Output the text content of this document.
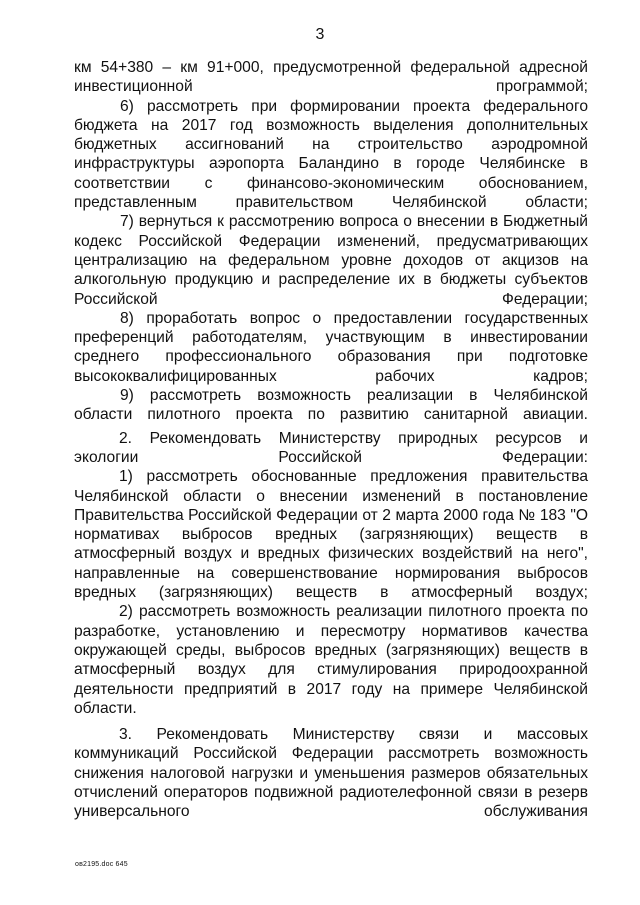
3

км 54+380 – км 91+000, предусмотренной федеральной адресной инвестиционной программой;

6) рассмотреть при формировании проекта федерального бюджета на 2017 год возможность выделения дополнительных бюджетных ассигнований на строительство аэродромной инфраструктуры аэропорта Баландино в городе Челябинске в соответствии с финансово-экономическим обоснованием, представленным правительством Челябинской области;

7) вернуться к рассмотрению вопроса о внесении в Бюджетный кодекс Российской Федерации изменений, предусматривающих централизацию на федеральном уровне доходов от акцизов на алкогольную продукцию и распределение их в бюджеты субъектов Российской Федерации;

8) проработать вопрос о предоставлении государственных преференций работодателям, участвующим в инвестировании среднего профессионального образования при подготовке высококвалифицированных рабочих кадров;

9) рассмотреть возможность реализации в Челябинской области пилотного проекта по развитию санитарной авиации.

2. Рекомендовать Министерству природных ресурсов и экологии Российской Федерации:

1) рассмотреть обоснованные предложения правительства Челябинской области о внесении изменений в постановление Правительства Российской Федерации от 2 марта 2000 года № 183 "О нормативах выбросов вредных (загрязняющих) веществ в атмосферный воздух и вредных физических воздействий на него", направленные на совершенствование нормирования выбросов вредных (загрязняющих) веществ в атмосферный воздух;

2) рассмотреть возможность реализации пилотного проекта по разработке, установлению и пересмотру нормативов качества окружающей среды, выбросов вредных (загрязняющих) веществ в атмосферный воздух для стимулирования природоохранной деятельности предприятий в 2017 году на примере Челябинской области.

3. Рекомендовать Министерству связи и массовых коммуникаций Российской Федерации рассмотреть возможность снижения налоговой нагрузки и уменьшения размеров обязательных отчислений операторов подвижной радиотелефонной связи в резерв универсального обслуживания

ов2195.doc 645
